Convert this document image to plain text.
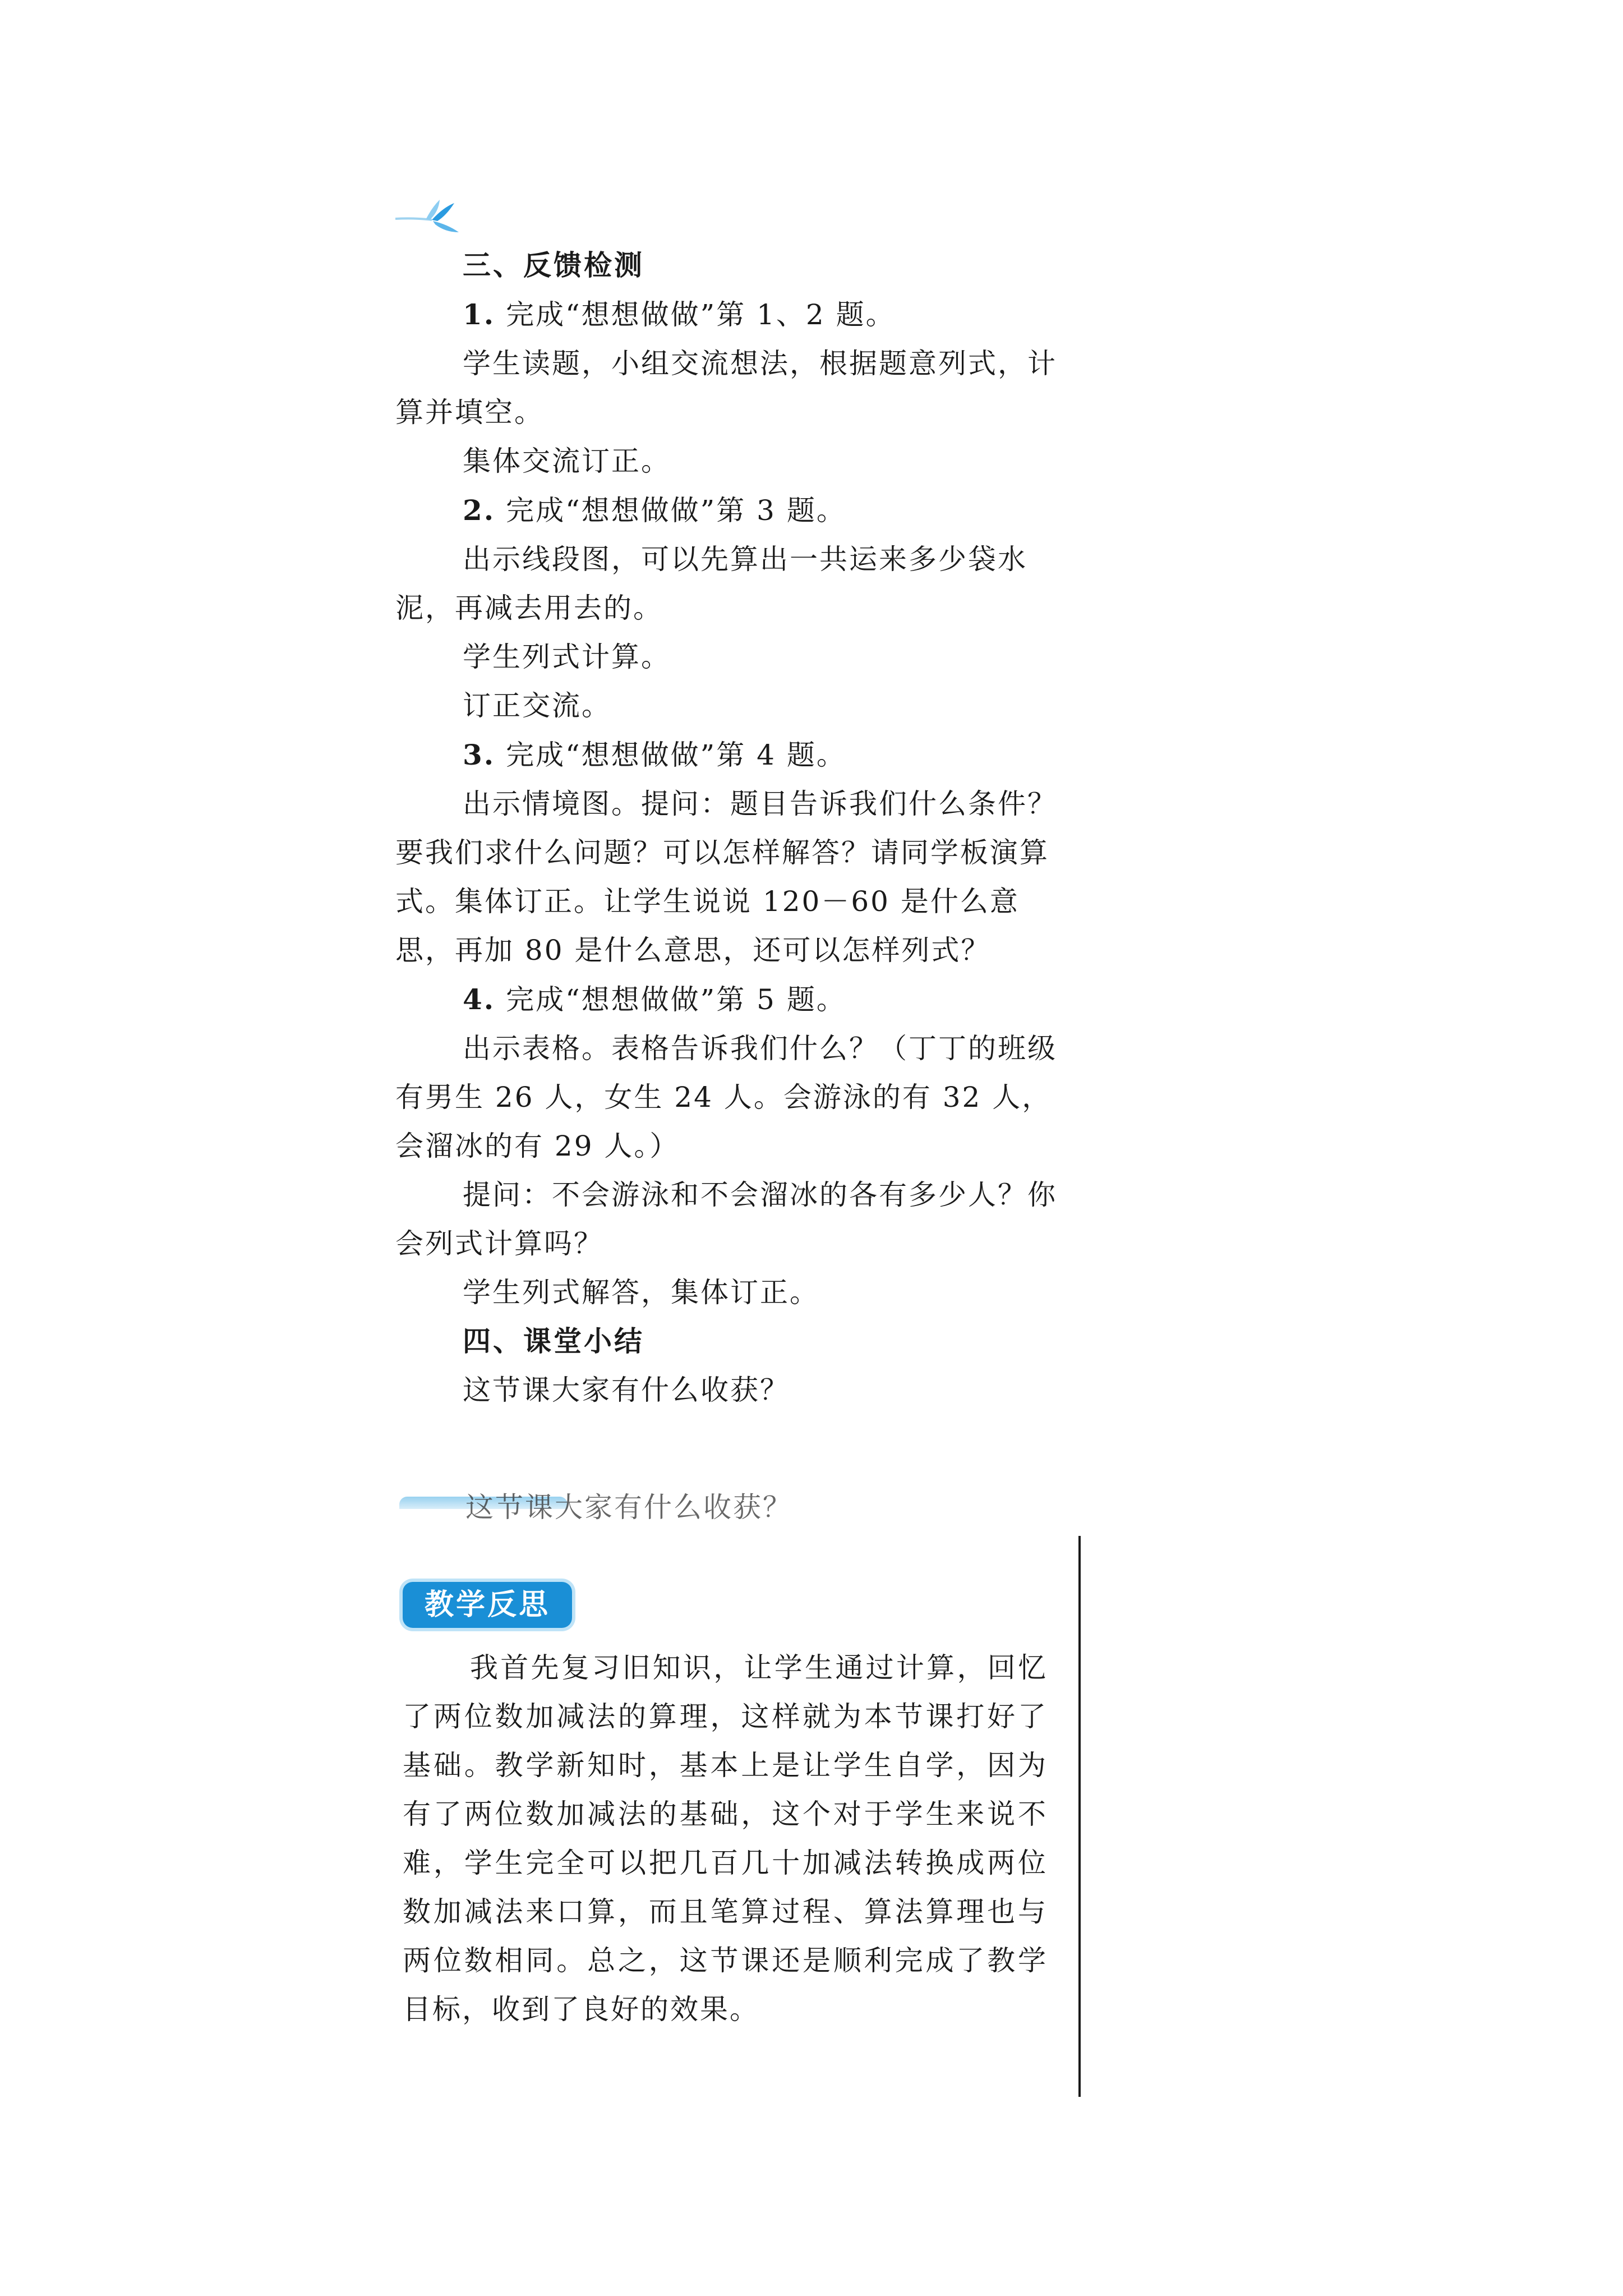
三、反馈检测

1. 完成“想想做做”第 1、2 题。

学生读题，小组交流想法，根据题意列式，计算并填空。

集体交流订正。

2. 完成“想想做做”第 3 题。

出示线段图，可以先算出一共运来多少袋水泥，再减去用去的。

学生列式计算。

订正交流。

3. 完成“想想做做”第 4 题。

出示情境图。提问：题目告诉我们什么条件？要我们求什么问题？可以怎样解答？请同学板演算式。集体订正。让学生说说 120－60 是什么意思，再加 80 是什么意思，还可以怎样列式？

4. 完成“想想做做”第 5 题。

出示表格。表格告诉我们什么？（丁丁的班级有男生 26 人，女生 24 人。会游泳的有 32 人，会溜冰的有 29 人。）

提问：不会游泳和不会溜冰的各有多少人？你会列式计算吗？

学生列式解答，集体订正。

四、课堂小结

这节课大家有什么收获？

这节课大家有什么收获？
教学反思

我首先复习旧知识，让学生通过计算，回忆了两位数加减法的算理，这样就为本节课打好了基础。教学新知时，基本上是让学生自学，因为有了两位数加减法的基础，这个对于学生来说不难，学生完全可以把几百几十加减法转换成两位数加减法来口算，而且笔算过程、算法算理也与两位数相同。总之，这节课还是顺利完成了教学目标，收到了良好的效果。
